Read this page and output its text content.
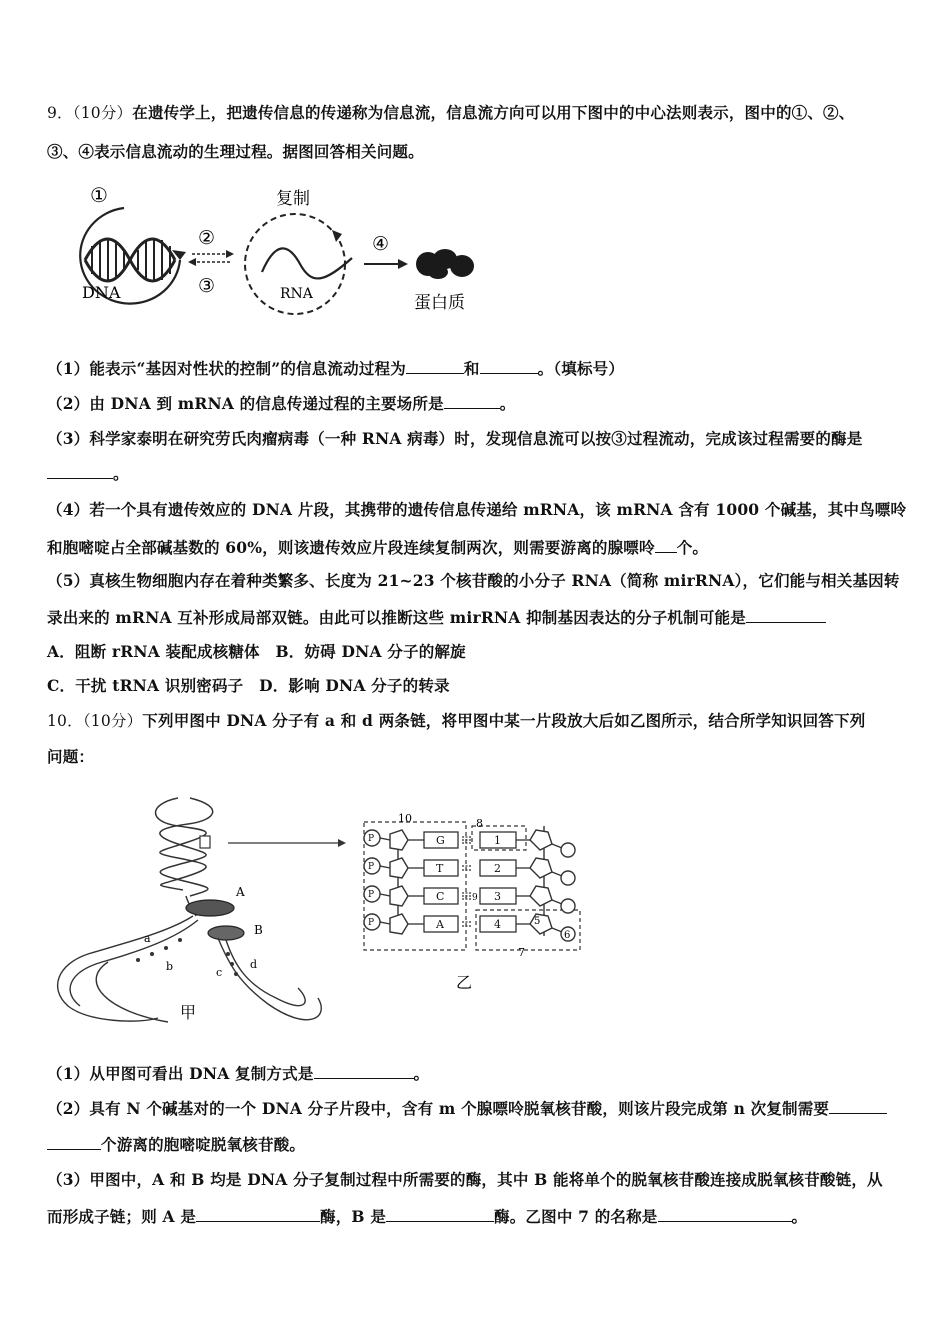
9．（10分）在遗传学上，把遗传信息的传递称为信息流，信息流方向可以用下图中的中心法则表示，图中的①、②、
③、④表示信息流动的生理过程。据图回答相关问题。
①
DNA
②
③
复制
RNA
④
蛋白质
（1）能表示“基因对性状的控制”的信息流动过程为	和	。（填标号）
（2）由 DNA 到 mRNA 的信息传递过程的主要场所是	。
（3）科学家泰明在研究劳氏肉瘤病毒（一种 RNA 病毒）时，发现信息流可以按③过程流动，完成该过程需要的酶是
。
（4）若一个具有遗传效应的 DNA 片段，其携带的遗传信息传递给 mRNA，该 mRNA 含有 1000 个碱基，其中鸟嘌呤
和胞嘧啶占全部碱基数的 60%，则该遗传效应片段连续复制两次，则需要游离的腺嘌呤 个。
（5）真核生物细胞内存在着种类繁多、长度为 21~23 个核苷酸的小分子 RNA（简称 mirRNA），它们能与相关基因转
录出来的 mRNA 互补形成局部双链。由此可以推断这些 mirRNA 抑制基因表达的分子机制可能是
A．阻断 rRNA 装配成核糖体　B．妨碍 DNA 分子的解旋
C．干扰 tRNA 识别密码子　D．影响 DNA 分子的转录
10．（10分）下列甲图中 DNA 分子有 a 和 d 两条链，将甲图中某一片段放大后如乙图所示，结合所学知识回答下列
问题：
A
B
a
b	c
d
甲
10	8
7
P
P
P
P
G
T
C
A
9
1
2
3
4	5
6
乙
（1）从甲图可看出 DNA 复制方式是	。
（2）具有 N 个碱基对的一个 DNA 分子片段中，含有 m 个腺嘌呤脱氧核苷酸，则该片段完成第 n 次复制需要
个游离的胞嘧啶脱氧核苷酸。
（3）甲图中，A 和 B 均是 DNA 分子复制过程中所需要的酶，其中 B 能将单个的脱氧核苷酸连接成脱氧核苷酸链，从
而形成子链；则 A 是	酶，B 是	酶。乙图中 7 的名称是	。
